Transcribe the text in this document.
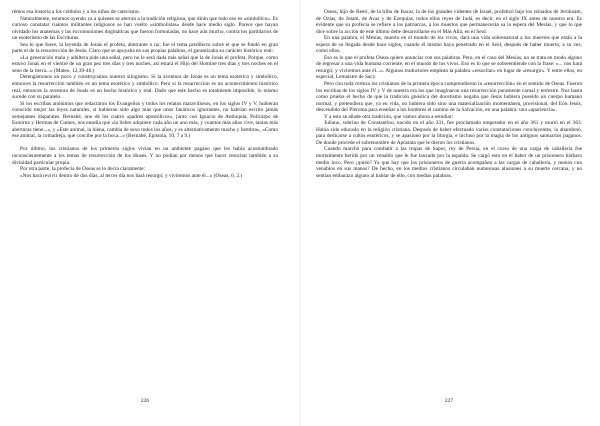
rémos esa historia a los crédulos y a los niños de catecismo.

Naturalmente, estamos oyendo ya a quienes se aterran a la tradición religiosa, que dirán que todo eso es «simbólico». Es curioso constatar cuántos militantes religiosos se han vuelto «simbolistas» desde hace medio siglo. Parece que hayan olvidado los anatemas y las excomuniones dogmáticas que fueron formuladas, no hace aún mucho, contra los partidarios de un esoterismo de las Escrituras.

Sea lo que fuere, la leyenda de Jonás el profeta, aberrante o no, fue el tema predilecto sobre el que se fundó en gran parte el de la resurrección de Jesús. Claro que se apoyaba en sus propias palabras, el garantizaba su carácter histórico real:

«La generación mala y adúltera pide una señal, pero no le será dada más señal que la de Jonás el profeta. Porque, como estuvo Jonás en el vientre de un gran pez tres días y tres noches, así estará el Hijo del Hombre tres días y tres noches en el seno de la tierra...» (Mateo, 12,39-40.)

Detengámonos un poco y construyamos nuestro silogismo. Si la aventura de Jonás es un tema esotérico y simbólico, entonces la resurrección también es un tema esotérico y simbólico. Pero si la resurrección es un acontecimiento histórico real, entonces la aventura de Jonás es un hecho histórico y real. Dado que este hecho es totalmente imposible, lo mismo sucede con su paralelo.

Si los escribas anónimos que redactaron los Evangelios y todos los relatos maravillosos, en los siglos IV y V, hubieran conocido mejor las leyes naturales, si hubieran sido algo más que unos fanáticos ignorantes, no habrían escrito jamás semejantes disparates. Bernabé, uno de los cuatro «padres apostólicos», junto con Ignacio de Antioquía, Policarpo de Esmirna y Hermas de Cumes, nos enseña que «la liebre adquiere cada año un ano más, y cuantos más años vive, tantas más aberturas tiene...», y «Este animal, la hiena, cambia de sexo todos los años, y es alternativamente macho y hembra», «Como ese animal, la comadreja, que concibe por la boca...» (Bernabé, Epístola, 10, 7 a 9.)

Por último, los cristianos de los primeros siglos vivían en un ambiente pagano que les había acostumbrado inconscientemente a los temas de resurrección de los dioses. Y no podían por menos que hacer resucitar también a su divinidad particular propia.

Por otra parte, la profecía de Oseas se lo decía claramente:

«Nos hará revivir dentro de dos días, al tercer día nos hará resurgir, y viviremos ante él...» (Oseas, 6, 2.)

226

Oseas, hijo de Beeri, de la tribu de Isacar, la de los grandes videntes de Israel, profetizó bajo los reinados de Jeroboam, de Ozías, de Jotam, de Acaz y de Ezequías, todos ellos reyes de Judá, es decir, en el siglo IX antes de nuestra era. Es evidente que su profecía se refiere a los patriarcas, a los muertos que permanecerán sa la espera del Mesías, y que lo que dice sobre la acción de este último debe desarrollarse en el Más Allá, en el Seol.

En una palabra, el Mesías, muerto en el mundo de los vivos, dará una vida sobrenatural a los muertos que están a la espera de su llegada desde hace siglos, cuando él mismo haya penetrado en el Seol, después de haber muerto, a su vez, como ellos.

Eso es lo que el profeta Oseas quiere anunciar con sus palabras. Pero, en el caso del Mesías, no se trata en modo alguno de regresar a una vida humana corriente, en el mundo de los vivos. Eso es lo que se sobreentiende con la frase: «... nos hará resurgir, y viviremos ante él...». Algunos traductores emplean la palabra «resucitar» en lugar de «resurgir». Y entre ellos, en especial, Lemaistre de Sacy.

Pero con toda certeza los cristianos de la primera época comprendieron la «resurrección» en el sentido de Oseas. Fueron los escribas de los siglos IV y V de nuestra era los que imaginaron una resurrección puramente carnal y terrestre. Nos basta como prueba el hecho de que la tradición gnóstica del docetismo negaba que Jesús hubiera poseído un cuerpo humano normal, y pretendiera que, ya en vida, no hubiera sido sino una materialización momentánea, provisional, del Eón Jesús, descendido del Pleroma para enseñar a los hombres el camino de la Salvación, en una palabra: una «apariencia».

Y a esto se añade otra tradición, que vamos ahora a estudiar:

Juliano, sobrino de Constantino, nacido en el año 331, fue proclamado emperador en el año 361 y murió en el 363. Había sido educado en la religión cristiana. Después de haber efectuado varias constataciones concluyentes, la abandonó, para dedicarse a cultos esotéricos, y se apasionó por la liturgia, e incluso por la magia de los antiguos santuarios paganos. De donde procede el sobrenombre de Apóstata que le dieron los cristianos.

Cuando marchó para combatir a las tropas de Sapor, rey de Persia, en el curso de una carga de caballería fue mortalmente herido por un venablo que le fue lanzado por la espalda. Se cargó esto en el haber de un prisionero bárbaro medio loco. Pero ¡quién? Ya que hay que los prisioneros de guerra acompañen a las cargas de caballería, y menos con venablos en sus manos? De hecho, en los medios cristianos circulaban numerosas alusiones a su muerte cercana, y no sentían embarazo alguno al hablar de ello, con medias palabras.

227
